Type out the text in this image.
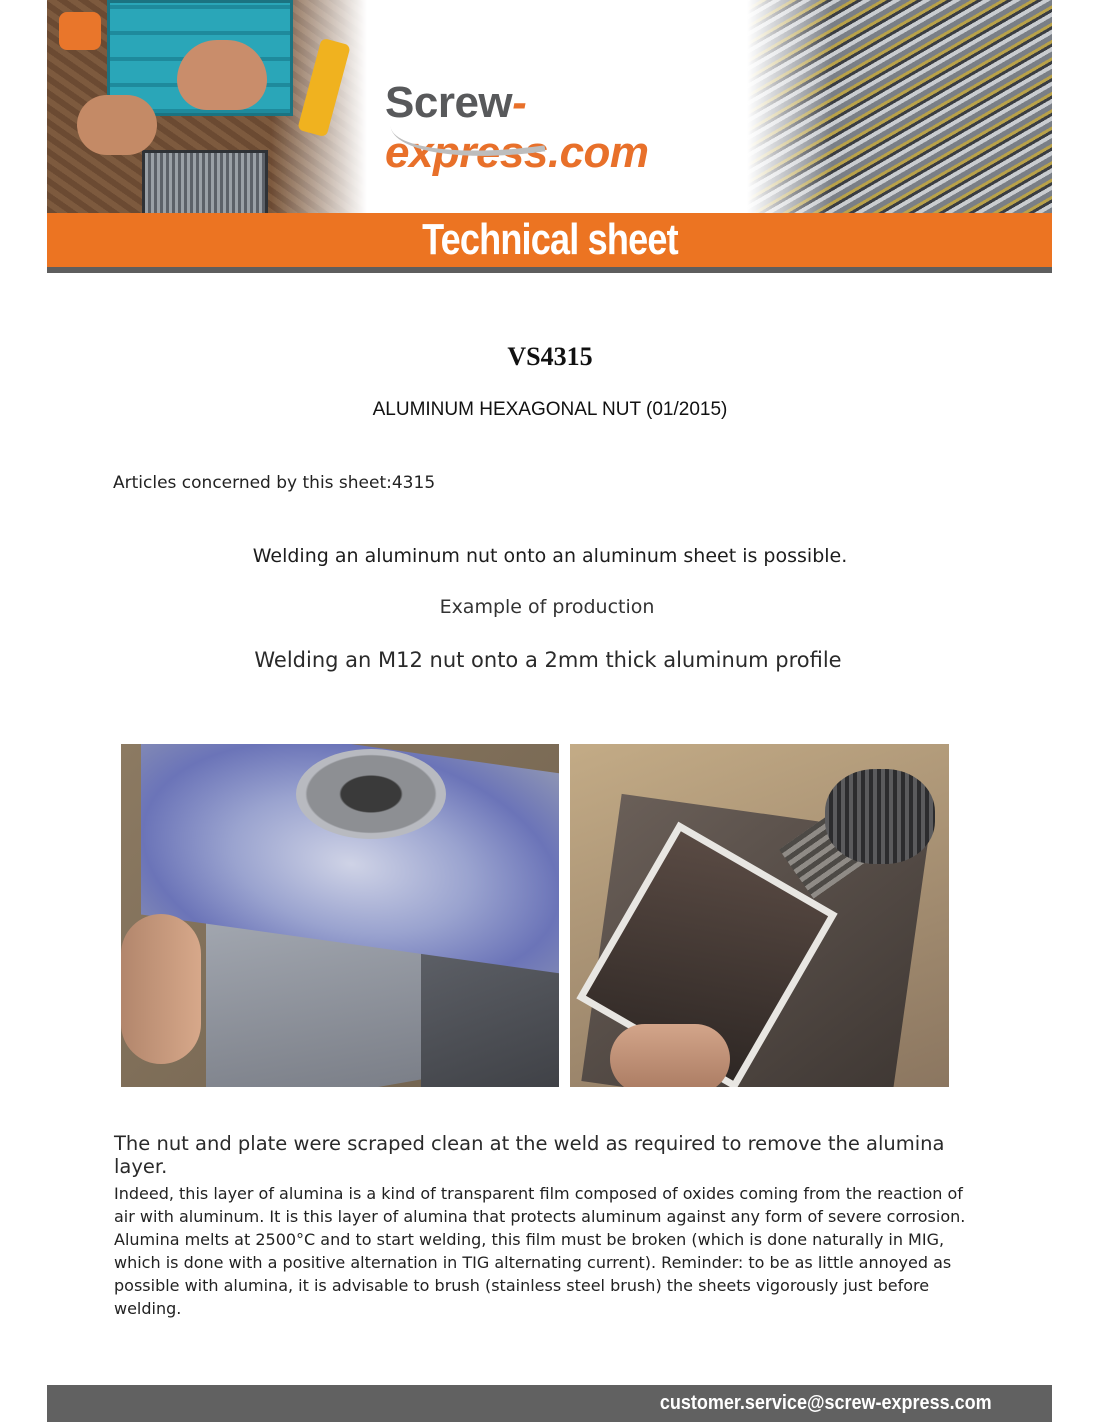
Screw-express.com
Technical sheet
VS4315
ALUMINUM HEXAGONAL NUT (01/2015)
Articles concerned by this sheet:4315
Welding an aluminum nut onto an aluminum sheet is possible.
Example of production
Welding an M12 nut onto a 2mm thick aluminum profile
The nut and plate were scraped clean at the weld as required to remove the alumina layer.
Indeed, this layer of alumina is a kind of transparent film composed of oxides coming from the reaction of air with aluminum. It is this layer of alumina that protects aluminum against any form of severe corrosion. Alumina melts at 2500°C and to start welding, this film must be broken (which is done naturally in MIG, which is done with a positive alternation in TIG alternating current). Reminder: to be as little annoyed as possible with alumina, it is advisable to brush (stainless steel brush) the sheets vigorously just before welding.
customer.service@screw-express.com
